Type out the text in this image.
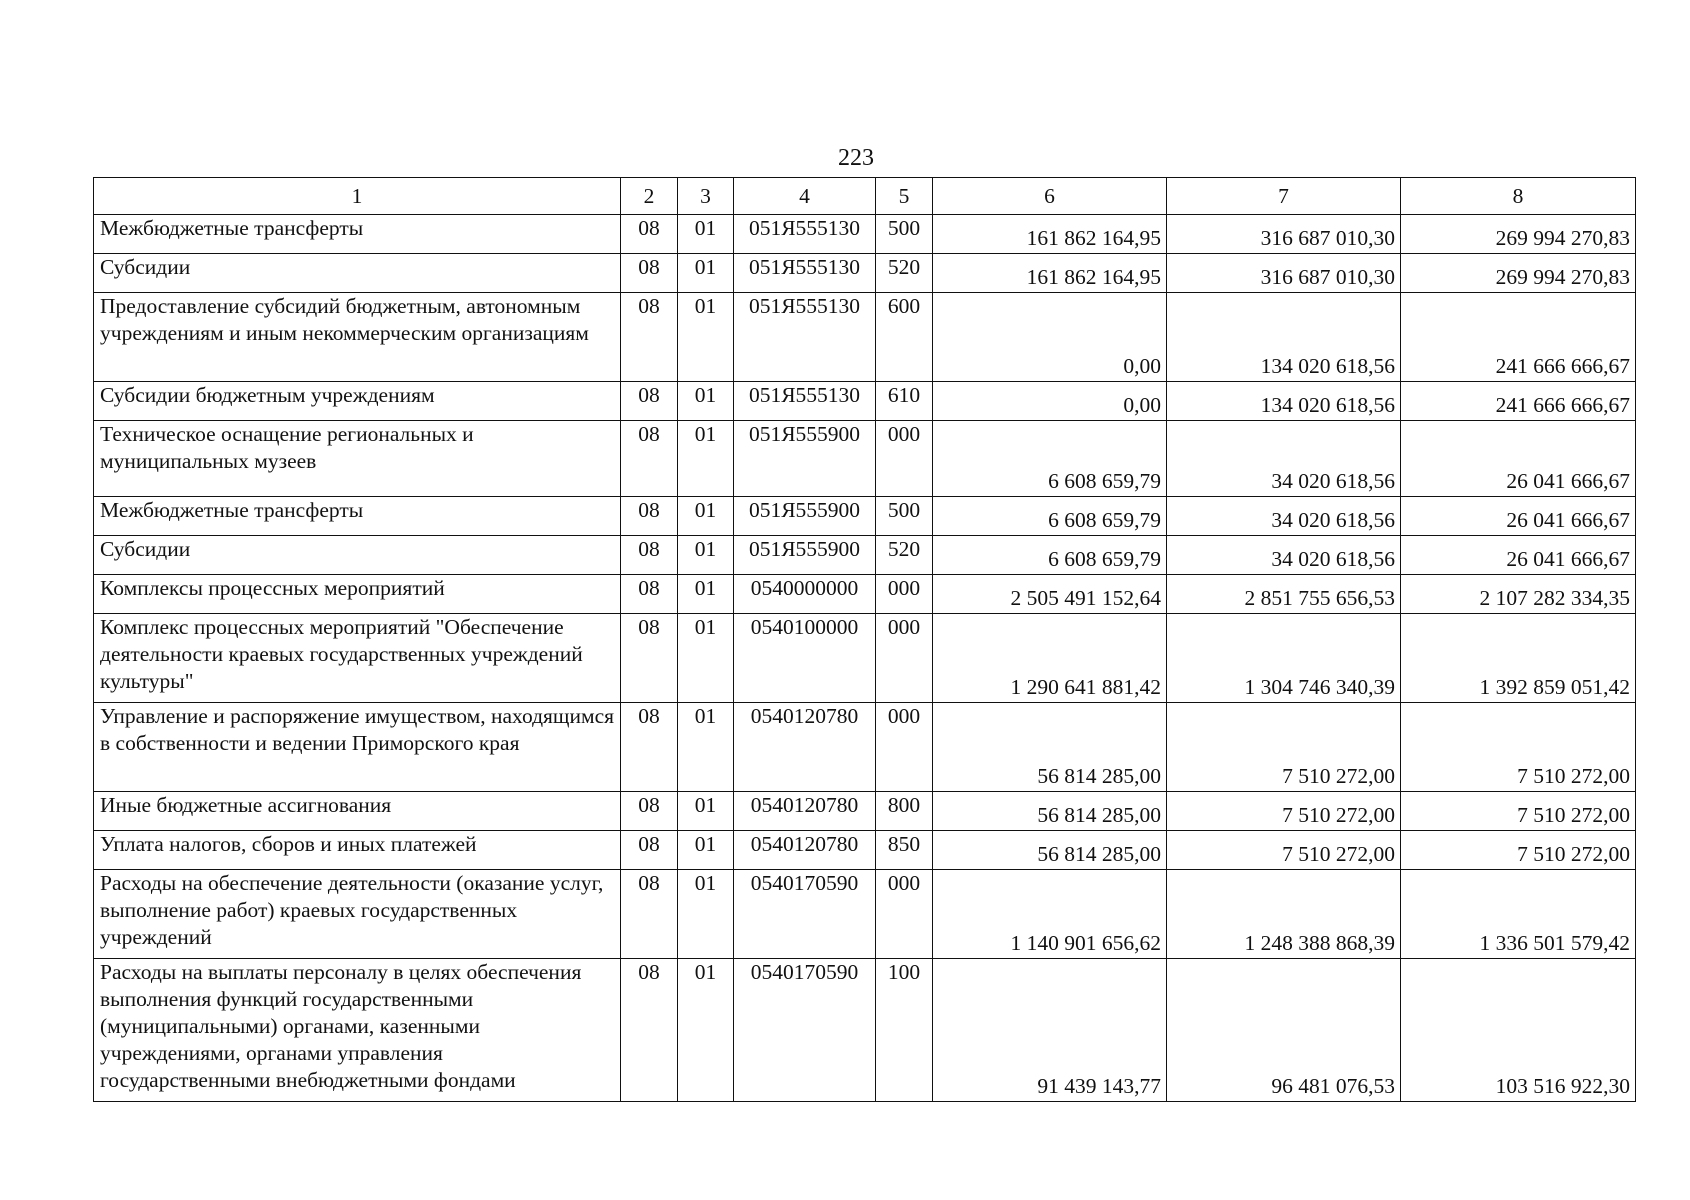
223
1	2	3	4	5	6	7	8
Межбюджетные трансферты	08	01	051Я555130	500	161 862 164,95	316 687 010,30	269 994 270,83
Субсидии	08	01	051Я555130	520	161 862 164,95	316 687 010,30	269 994 270,83
Предоставление субсидий бюджетным, автономным учреждениям и иным некоммерческим организациям	08	01	051Я555130	600	0,00	134 020 618,56	241 666 666,67
Субсидии бюджетным учреждениям	08	01	051Я555130	610	0,00	134 020 618,56	241 666 666,67
Техническое оснащение региональных и муниципальных музеев	08	01	051Я555900	000	6 608 659,79	34 020 618,56	26 041 666,67
Межбюджетные трансферты	08	01	051Я555900	500	6 608 659,79	34 020 618,56	26 041 666,67
Субсидии	08	01	051Я555900	520	6 608 659,79	34 020 618,56	26 041 666,67
Комплексы процессных мероприятий	08	01	0540000000	000	2 505 491 152,64	2 851 755 656,53	2 107 282 334,35
Комплекс процессных мероприятий "Обеспечение деятельности краевых государственных учреждений культуры"	08	01	0540100000	000	1 290 641 881,42	1 304 746 340,39	1 392 859 051,42
Управление и распоряжение имуществом, находящимся в собственности и ведении Приморского края	08	01	0540120780	000	56 814 285,00	7 510 272,00	7 510 272,00
Иные бюджетные ассигнования	08	01	0540120780	800	56 814 285,00	7 510 272,00	7 510 272,00
Уплата налогов, сборов и иных платежей	08	01	0540120780	850	56 814 285,00	7 510 272,00	7 510 272,00
Расходы на обеспечение деятельности (оказание услуг, выполнение работ) краевых государственных учреждений	08	01	0540170590	000	1 140 901 656,62	1 248 388 868,39	1 336 501 579,42
Расходы на выплаты персоналу в целях обеспечения выполнения функций государственными (муниципальными) органами, казенными учреждениями, органами управления государственными внебюджетными фондами	08	01	0540170590	100	91 439 143,77	96 481 076,53	103 516 922,30
